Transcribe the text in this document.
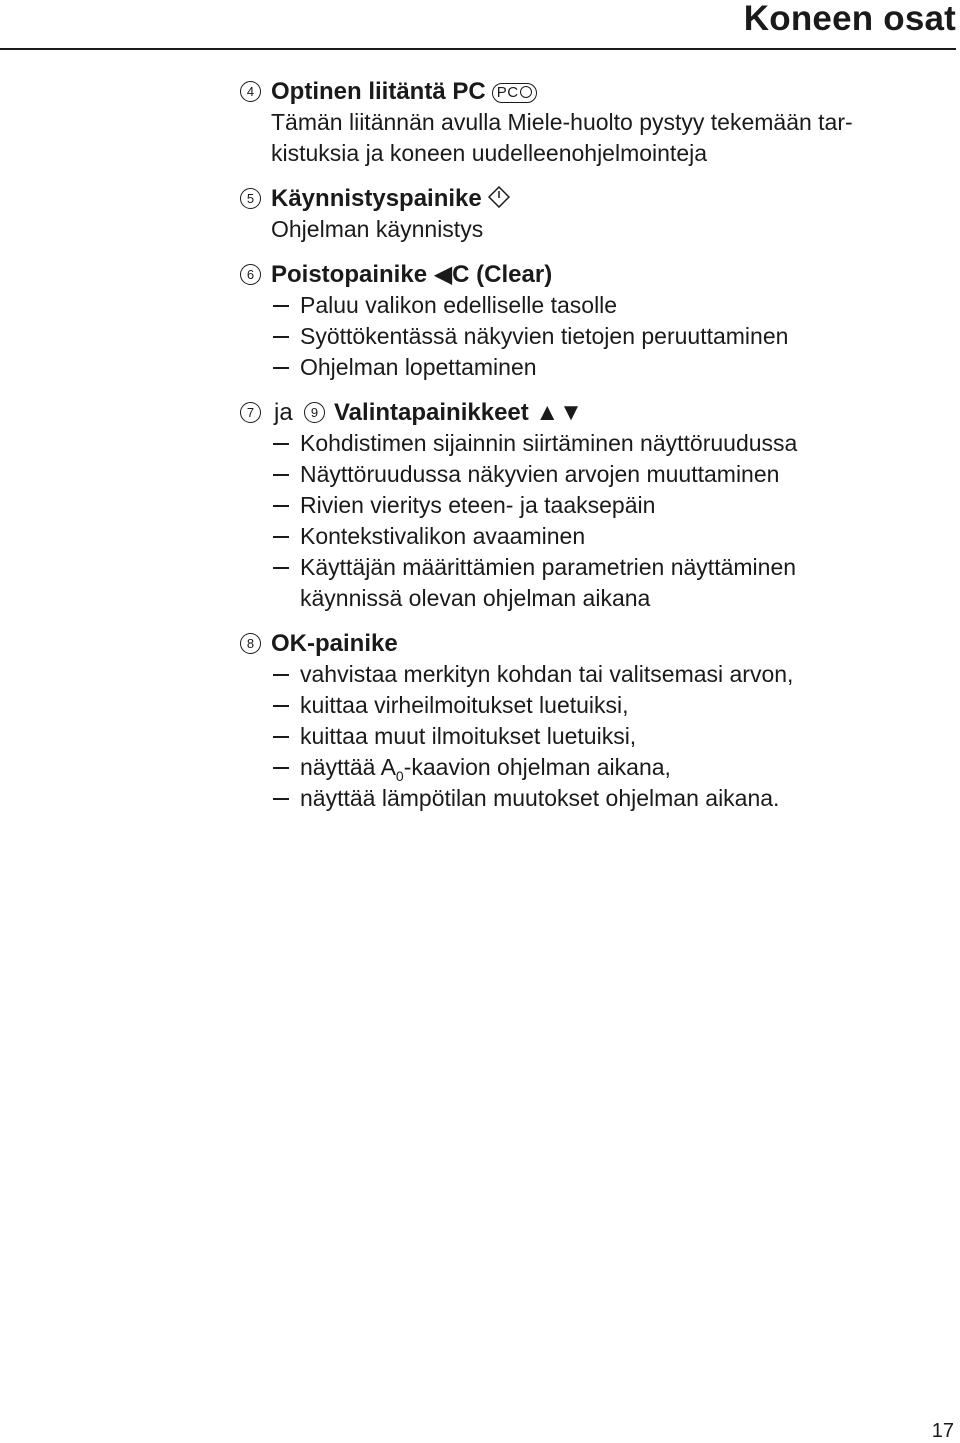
Koneen osat
4 Optinen liitäntä PC PC
Tämän liitännän avulla Miele-huolto pystyy tekemään tar-
kistuksia ja koneen uudelleenohjelmointeja
5 Käynnistyspainike
Ohjelman käynnistys
6 Poistopainike ◀C (Clear)
Paluu valikon edelliselle tasolle
Syöttökentässä näkyvien tietojen peruuttaminen
Ohjelman lopettaminen
7 ja	9 Valintapainikkeet ▲▼
Kohdistimen sijainnin siirtäminen näyttöruudussa
Näyttöruudussa näkyvien arvojen muuttaminen
Rivien vieritys eteen- ja taaksepäin
Kontekstivalikon avaaminen
Käyttäjän määrittämien parametrien näyttäminen
käynnissä olevan ohjelman aikana
8 OK-painike
vahvistaa merkityn kohdan tai valitsemasi arvon,
kuittaa virheilmoitukset luetuiksi,
kuittaa muut ilmoitukset luetuiksi,
näyttää $A_0$-kaavion ohjelman aikana,
näyttää lämpötilan muutokset ohjelman aikana.
17
